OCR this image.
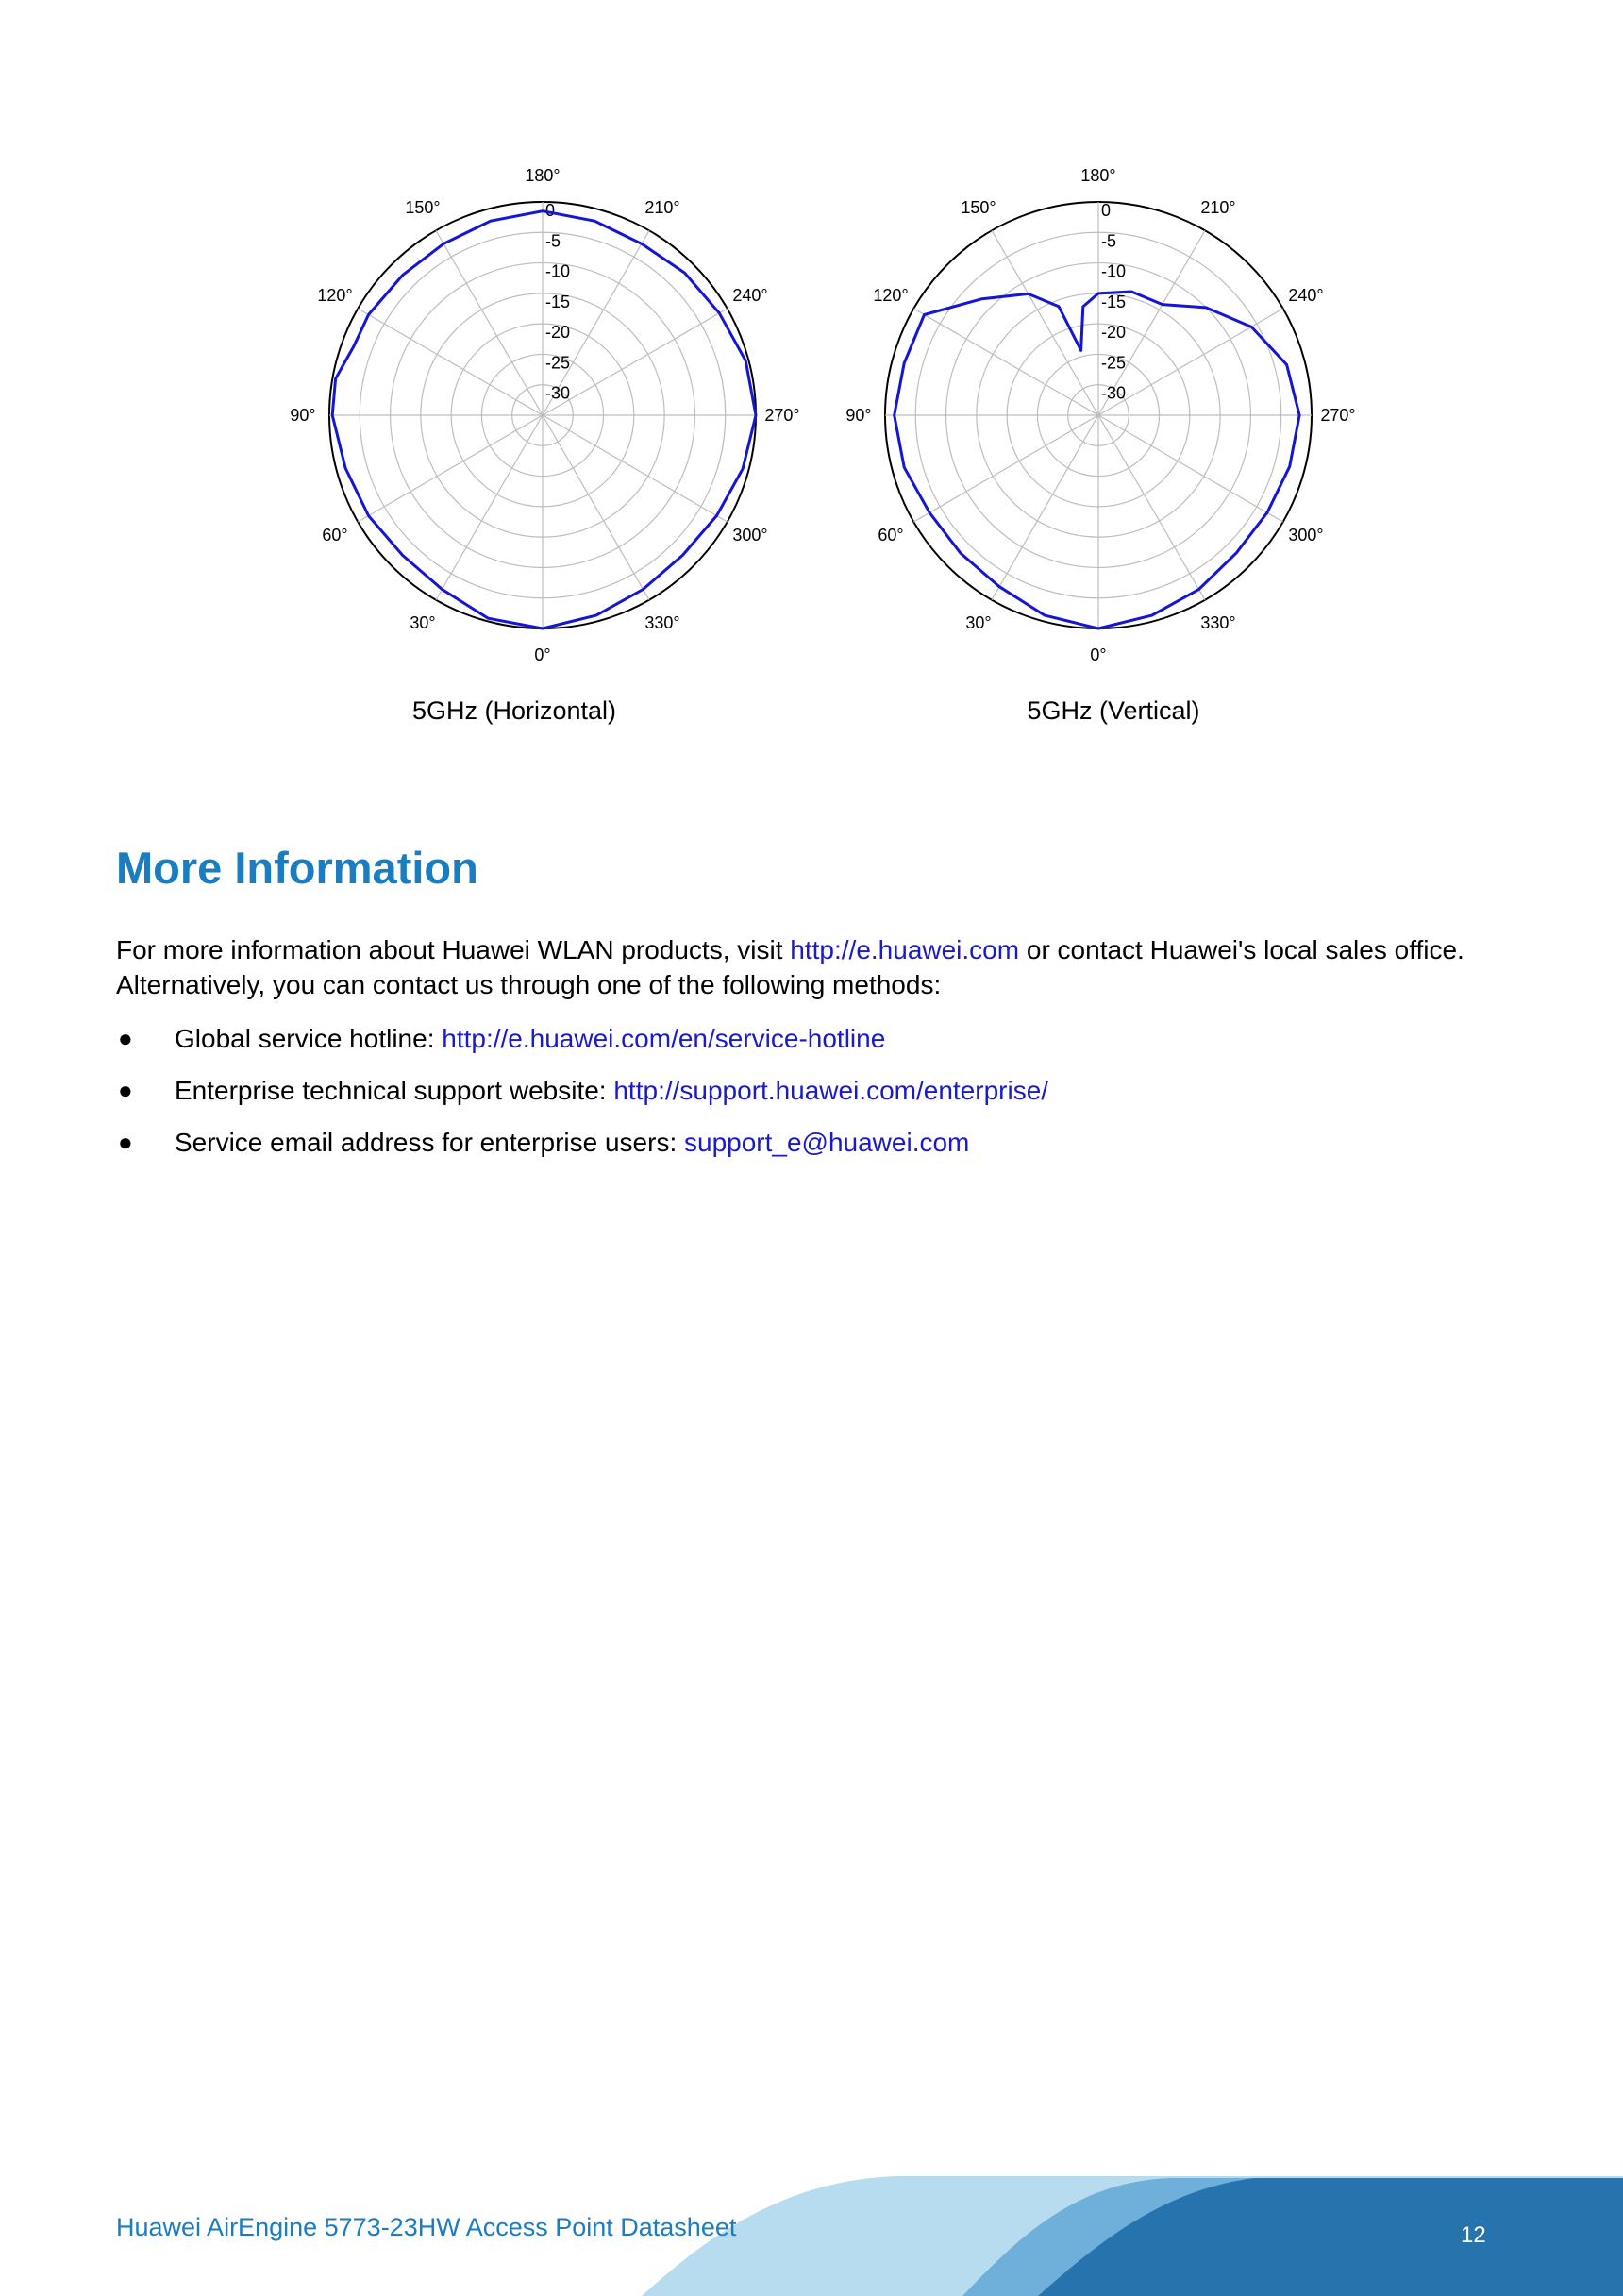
0
-5
-10
-15
-20
-25
-30
180°
210°
240°
270°
300°
330°
0°
30°
60°
90°
120°
150°	0
-5
-10
-15
-20
-25
-30
180°
210°
240°
270°
300°
330°
0°
30°
60°
90°
120°
150°
5GHz (Horizontal)	5GHz (Vertical)
More Information

For more information about Huawei WLAN products, visit http://e.huawei.com or contact Huawei's local sales office. Alternatively, you can contact us through one of the following methods:

● Global service hotline: http://e.huawei.com/en/service-hotline
● Enterprise technical support website: http://support.huawei.com/enterprise/
● Service email address for enterprise users: support_e@huawei.com
Huawei AirEngine 5773-23HW Access Point Datasheet	12
